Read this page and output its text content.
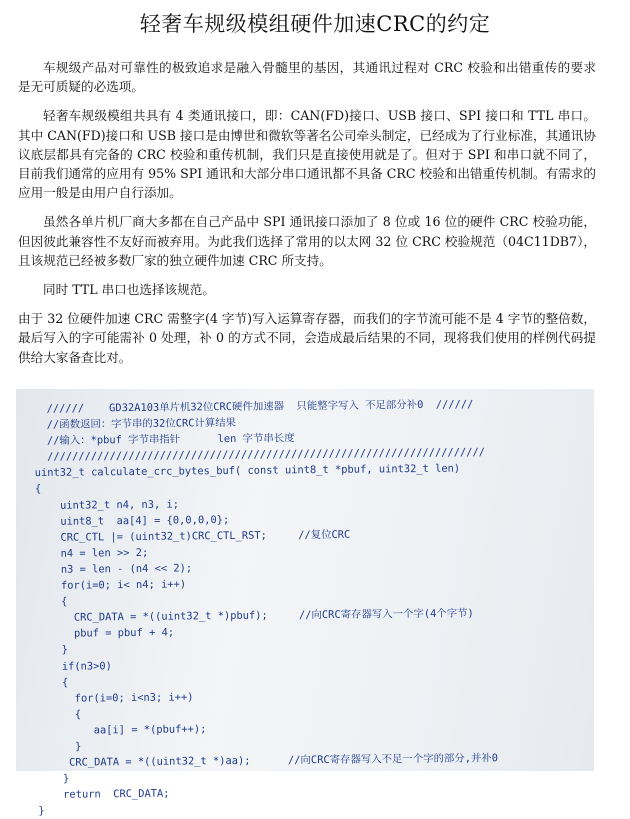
轻奢车规级模组硬件加速CRC的约定

车规级产品对可靠性的极致追求是融入骨髓里的基因，其通讯过程对 CRC 校验和出错重传的要求是无可质疑的必选项。

轻奢车规级模组共具有 4 类通讯接口，即：CAN(FD)接口、USB 接口、SPI 接口和 TTL 串口。 其中 CAN(FD)接口和 USB 接口是由博世和微软等著名公司牵头制定，已经成为了行业标准，其通讯协议底层都具有完备的 CRC 校验和重传机制，我们只是直接使用就是了。但对于 SPI 和串口就不同了，目前我们通常的应用有 95% SPI 通讯和大部分串口通讯都不具备 CRC 校验和出错重传机制。有需求的应用一般是由用户自行添加。

虽然各单片机厂商大多都在自己产品中 SPI 通讯接口添加了 8 位或 16 位的硬件 CRC 校验功能，但因彼此兼容性不友好而被弃用。为此我们选择了常用的以太网 32 位 CRC 校验规范（04C11DB7），且该规范已经被多数厂家的独立硬件加速 CRC 所支持。

同时 TTL 串口也选择该规范。

由于 32 位硬件加速 CRC 需整字(4 字节)写入运算寄存器，而我们的字节流可能不是 4 字节的整倍数，最后写入的字可能需补 0 处理，补 0 的方式不同，会造成最后结果的不同，现将我们使用的样例代码提供给大家备查比对。

//////    GD32A103单片机32位CRC硬件加速器  只能整字写入 不足部分补0  //////
//函数返回：字节串的32位CRC计算结果
//输入：*pbuf 字节串指针      len 字节串长度
//////////////////////////////////////////////////////////////////////
uint32_t calculate_crc_bytes_buf( const uint8_t *pbuf, uint32_t len)
{
uint32_t n4, n3, i;
uint8_t  aa[4] = {0,0,0,0};
CRC_CTL |= (uint32_t)CRC_CTL_RST;     //复位CRC
n4 = len >> 2;
n3 = len - (n4 << 2);
for(i=0; i< n4; i++)
{
CRC_DATA = *((uint32_t *)pbuf);     //向CRC寄存器写入一个字(4个字节)
pbuf = pbuf + 4;
}
if(n3>0)
{
for(i=0; i<n3; i++)
{
aa[i] = *(pbuf++);
}
CRC_DATA = *((uint32_t *)aa);      //向CRC寄存器写入不足一个字的部分,并补0
}
return  CRC_DATA;
}
